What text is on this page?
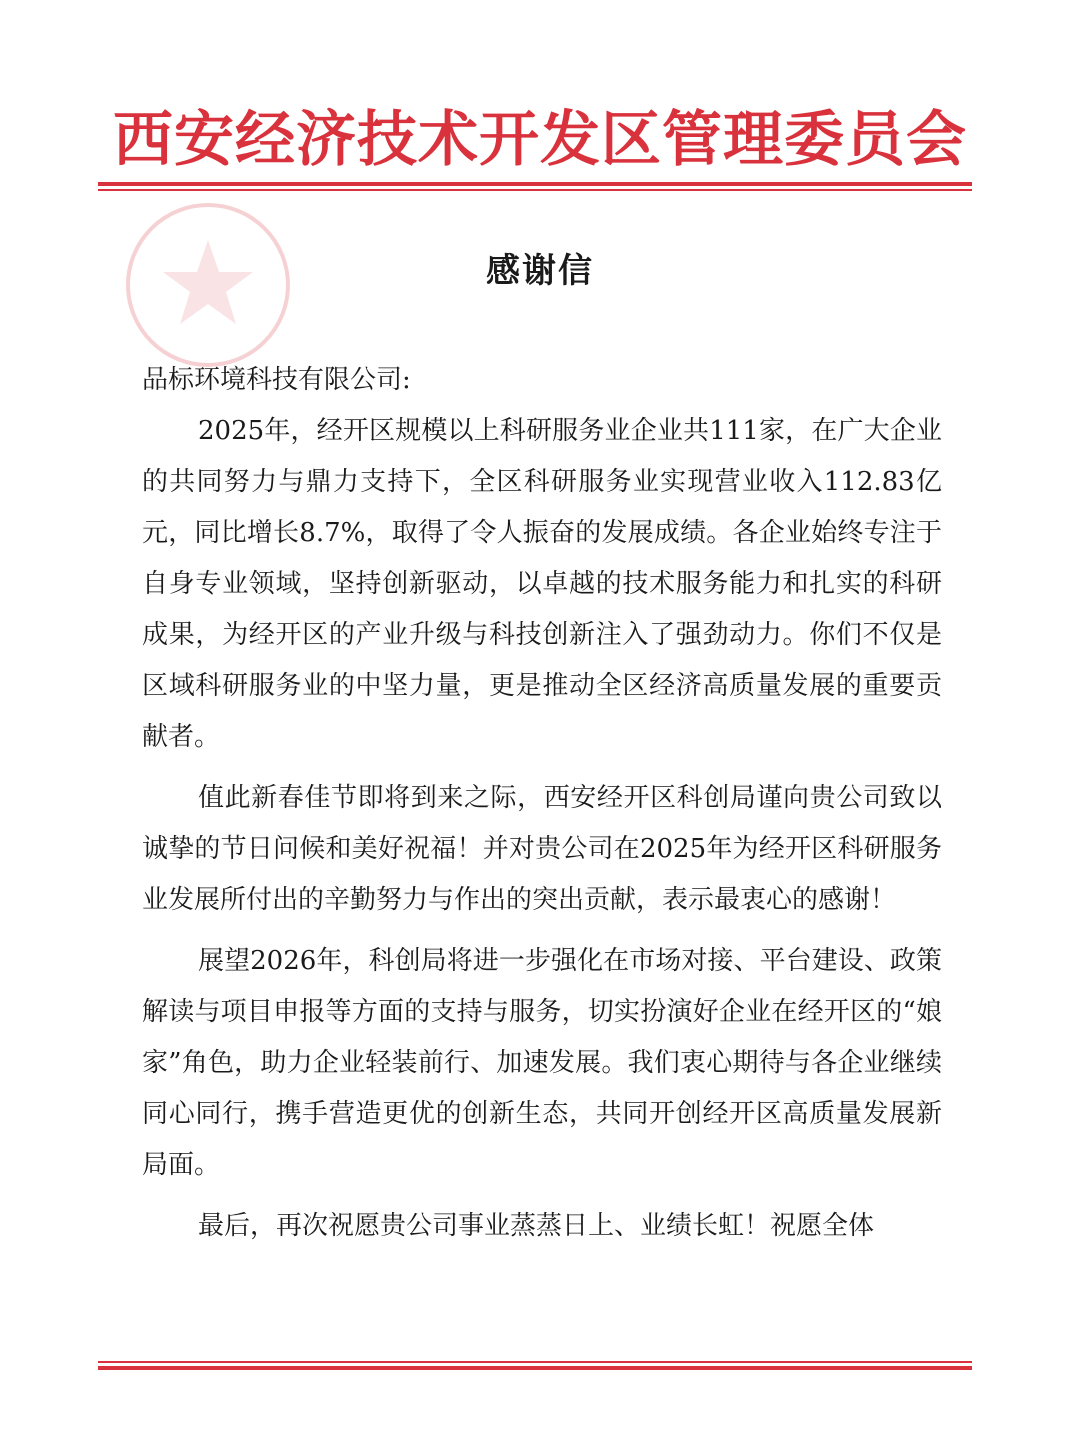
西安经济技术开发区管理委员会
感谢信

品标环境科技有限公司:

2025年，经开区规模以上科研服务业企业共111家，在广大企业的共同努力与鼎力支持下，全区科研服务业实现营业收入112.83亿元，同比增长8.7%，取得了令人振奋的发展成绩。各企业始终专注于自身专业领域，坚持创新驱动，以卓越的技术服务能力和扎实的科研成果，为经开区的产业升级与科技创新注入了强劲动力。你们不仅是区域科研服务业的中坚力量，更是推动全区经济高质量发展的重要贡献者。

值此新春佳节即将到来之际，西安经开区科创局谨向贵公司致以诚挚的节日问候和美好祝福！并对贵公司在2025年为经开区科研服务业发展所付出的辛勤努力与作出的突出贡献，表示最衷心的感谢！

展望2026年，科创局将进一步强化在市场对接、平台建设、政策解读与项目申报等方面的支持与服务，切实扮演好企业在经开区的“娘家”角色，助力企业轻装前行、加速发展。我们衷心期待与各企业继续同心同行，携手营造更优的创新生态，共同开创经开区高质量发展新局面。

最后，再次祝愿贵公司事业蒸蒸日上、业绩长虹！祝愿全体
